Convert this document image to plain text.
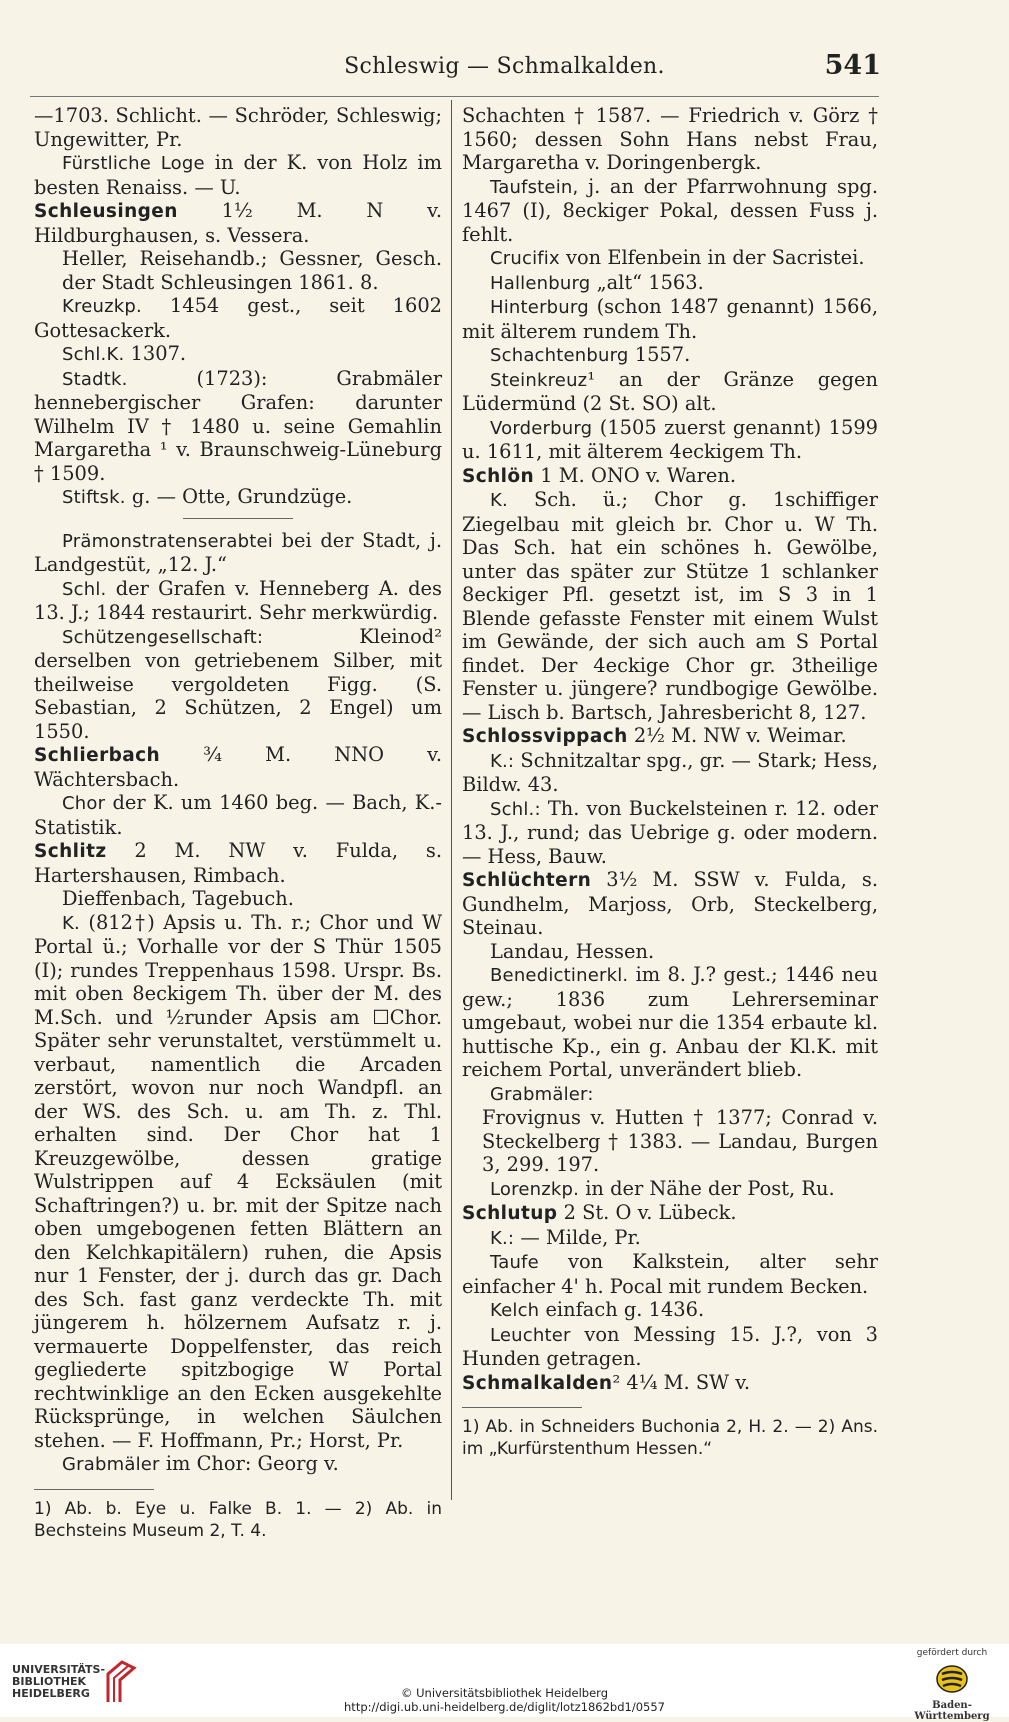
Schleswig — Schmalkalden.	541

—1703. Schlicht. — Schröder, Schleswig; Ungewitter, Pr.

Fürstliche Loge in der K. von Holz im besten Renaiss. — U.

Schleusingen 1½ M. N v. Hildburghausen, s. Vessera.

Heller, Reisehandb.; Gessner, Gesch. der Stadt Schleusingen 1861. 8.

Kreuzkp. 1454 gest., seit 1602 Gottesackerk.

Schl.K. 1307.

Stadtk. (1723): Grabmäler hennebergischer Grafen: darunter Wilhelm IV † 1480 u. seine Gemahlin Margaretha ¹ v. Braunschweig-Lüneburg † 1509.

Stiftsk. g. — Otte, Grundzüge.

Prämonstratenserabtei bei der Stadt, j. Landgestüt, „12. J.“

Schl. der Grafen v. Henneberg A. des 13. J.; 1844 restaurirt. Sehr merkwürdig.

Schützengesellschaft: Kleinod² derselben von getriebenem Silber, mit theilweise vergoldeten Figg. (S. Sebastian, 2 Schützen, 2 Engel) um 1550.

Schlierbach ¾ M. NNO v. Wächtersbach.

Chor der K. um 1460 beg. — Bach, K.-Statistik.

Schlitz 2 M. NW v. Fulda, s. Hartershausen, Rimbach.

Dieffenbach, Tagebuch.

K. (812†) Apsis u. Th. r.; Chor und W Portal ü.; Vorhalle vor der S Thür 1505 (I); rundes Treppenhaus 1598. Urspr. Bs. mit oben 8eckigem Th. über der M. des M.Sch. und ½runder Apsis am ☐Chor. Später sehr verunstaltet, verstümmelt u. verbaut, namentlich die Arcaden zerstört, wovon nur noch Wandpfl. an der WS. des Sch. u. am Th. z. Thl. erhalten sind. Der Chor hat 1 Kreuzgewölbe, dessen gratige Wulstrippen auf 4 Ecksäulen (mit Schaftringen?) u. br. mit der Spitze nach oben umgebogenen fetten Blättern an den Kelchkapitälern) ruhen, die Apsis nur 1 Fenster, der j. durch das gr. Dach des Sch. fast ganz verdeckte Th. mit jüngerem h. hölzernem Aufsatz r. j. vermauerte Doppelfenster, das reich gegliederte spitzbogige W Portal rechtwinklige an den Ecken ausgekehlte Rücksprünge, in welchen Säulchen stehen. — F. Hoffmann, Pr.; Horst, Pr.

Grabmäler im Chor: Georg v.

1) Ab. b. Eye u. Falke B. 1. — 2) Ab. in Bechsteins Museum 2, T. 4.

Schachten † 1587. — Friedrich v. Görz † 1560; dessen Sohn Hans nebst Frau, Margaretha v. Doringenbergk.

Taufstein, j. an der Pfarrwohnung spg. 1467 (I), 8eckiger Pokal, dessen Fuss j. fehlt.

Crucifix von Elfenbein in der Sacristei.

Hallenburg „alt“ 1563.

Hinterburg (schon 1487 genannt) 1566, mit älterem rundem Th.

Schachtenburg 1557.

Steinkreuz¹ an der Gränze gegen Lüdermünd (2 St. SO) alt.

Vorderburg (1505 zuerst genannt) 1599 u. 1611, mit älterem 4eckigem Th.

Schlön 1 M. ONO v. Waren.

K. Sch. ü.; Chor g. 1schiffiger Ziegelbau mit gleich br. Chor u. W Th. Das Sch. hat ein schönes h. Gewölbe, unter das später zur Stütze 1 schlanker 8eckiger Pfl. gesetzt ist, im S 3 in 1 Blende gefasste Fenster mit einem Wulst im Gewände, der sich auch am S Portal findet. Der 4eckige Chor gr. 3theilige Fenster u. jüngere? rundbogige Gewölbe. — Lisch b. Bartsch, Jahresbericht 8, 127.

Schlossvippach 2½ M. NW v. Weimar.

K.: Schnitzaltar spg., gr. — Stark; Hess, Bildw. 43.

Schl.: Th. von Buckelsteinen r. 12. oder 13. J., rund; das Uebrige g. oder modern. — Hess, Bauw.

Schlüchtern 3½ M. SSW v. Fulda, s. Gundhelm, Marjoss, Orb, Steckelberg, Steinau.

Landau, Hessen.

Benedictinerkl. im 8. J.? gest.; 1446 neu gew.; 1836 zum Lehrerseminar umgebaut, wobei nur die 1354 erbaute kl. huttische Kp., ein g. Anbau der Kl.K. mit reichem Portal, unverändert blieb.

Grabmäler:

Frovignus v. Hutten † 1377; Conrad v. Steckelberg † 1383. — Landau, Burgen 3, 299. 197.

Lorenzkp. in der Nähe der Post, Ru.

Schlutup 2 St. O v. Lübeck.

K.: — Milde, Pr.

Taufe von Kalkstein, alter sehr einfacher 4' h. Pocal mit rundem Becken.

Kelch einfach g. 1436.

Leuchter von Messing 15. J.?, von 3 Hunden getragen.

Schmalkalden² 4¼ M. SW v.

1) Ab. in Schneiders Buchonia 2, H. 2. — 2) Ans. im „Kurfürstenthum Hessen.“

UNIVERSITÄTS-
BIBLIOTHEK
HEIDELBERG	© Universitätsbibliothek Heidelberg
http://digi.ub.uni-heidelberg.de/diglit/lotz1862bd1/0557
gefördert durch
Baden-Württemberg
